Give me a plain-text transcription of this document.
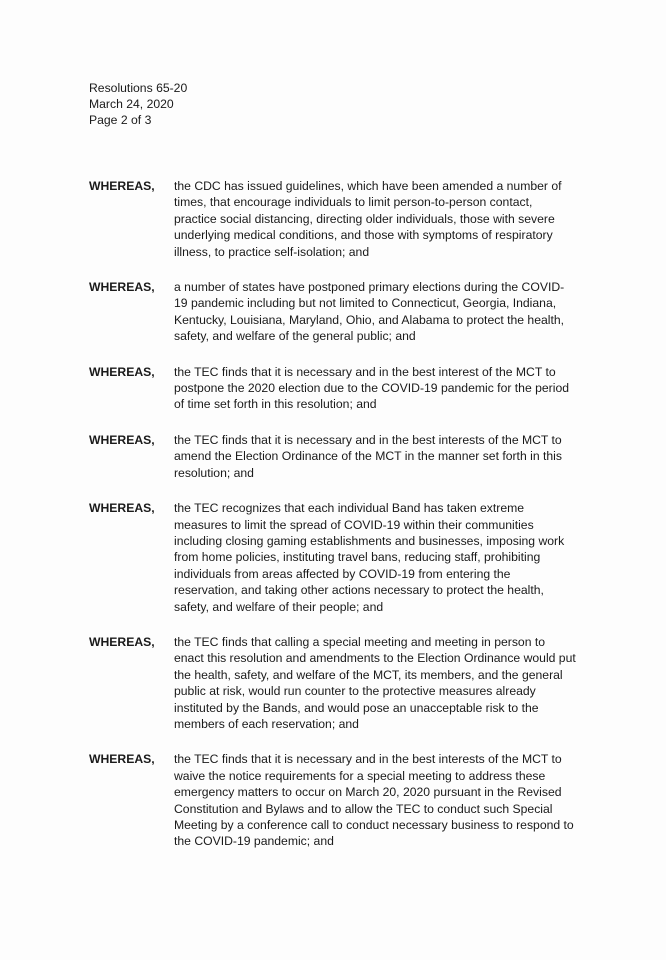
Resolutions 65-20
March 24, 2020
Page 2 of 3
WHEREAS,	the CDC has issued guidelines, which have been amended a number of
times, that encourage individuals to limit person-to-person contact,
practice social distancing, directing older individuals, those with severe
underlying medical conditions, and those with symptoms of respiratory
illness, to practice self-isolation; and
WHEREAS,	a number of states have postponed primary elections during the COVID-
19 pandemic including but not limited to Connecticut, Georgia, Indiana,
Kentucky, Louisiana, Maryland, Ohio, and Alabama to protect the health,
safety, and welfare of the general public; and
WHEREAS,	the TEC finds that it is necessary and in the best interest of the MCT to
postpone the 2020 election due to the COVID-19 pandemic for the period
of time set forth in this resolution; and
WHEREAS,	the TEC finds that it is necessary and in the best interests of the MCT to
amend the Election Ordinance of the MCT in the manner set forth in this
resolution; and
WHEREAS,	the TEC recognizes that each individual Band has taken extreme
measures to limit the spread of COVID-19 within their communities
including closing gaming establishments and businesses, imposing work
from home policies, instituting travel bans, reducing staff, prohibiting
individuals from areas affected by COVID-19 from entering the
reservation, and taking other actions necessary to protect the health,
safety, and welfare of their people; and
WHEREAS,	the TEC finds that calling a special meeting and meeting in person to
enact this resolution and amendments to the Election Ordinance would put
the health, safety, and welfare of the MCT, its members, and the general
public at risk, would run counter to the protective measures already
instituted by the Bands, and would pose an unacceptable risk to the
members of each reservation; and
WHEREAS,	the TEC finds that it is necessary and in the best interests of the MCT to
waive the notice requirements for a special meeting to address these
emergency matters to occur on March 20, 2020 pursuant in the Revised
Constitution and Bylaws and to allow the TEC to conduct such Special
Meeting by a conference call to conduct necessary business to respond to
the COVID-19 pandemic; and
